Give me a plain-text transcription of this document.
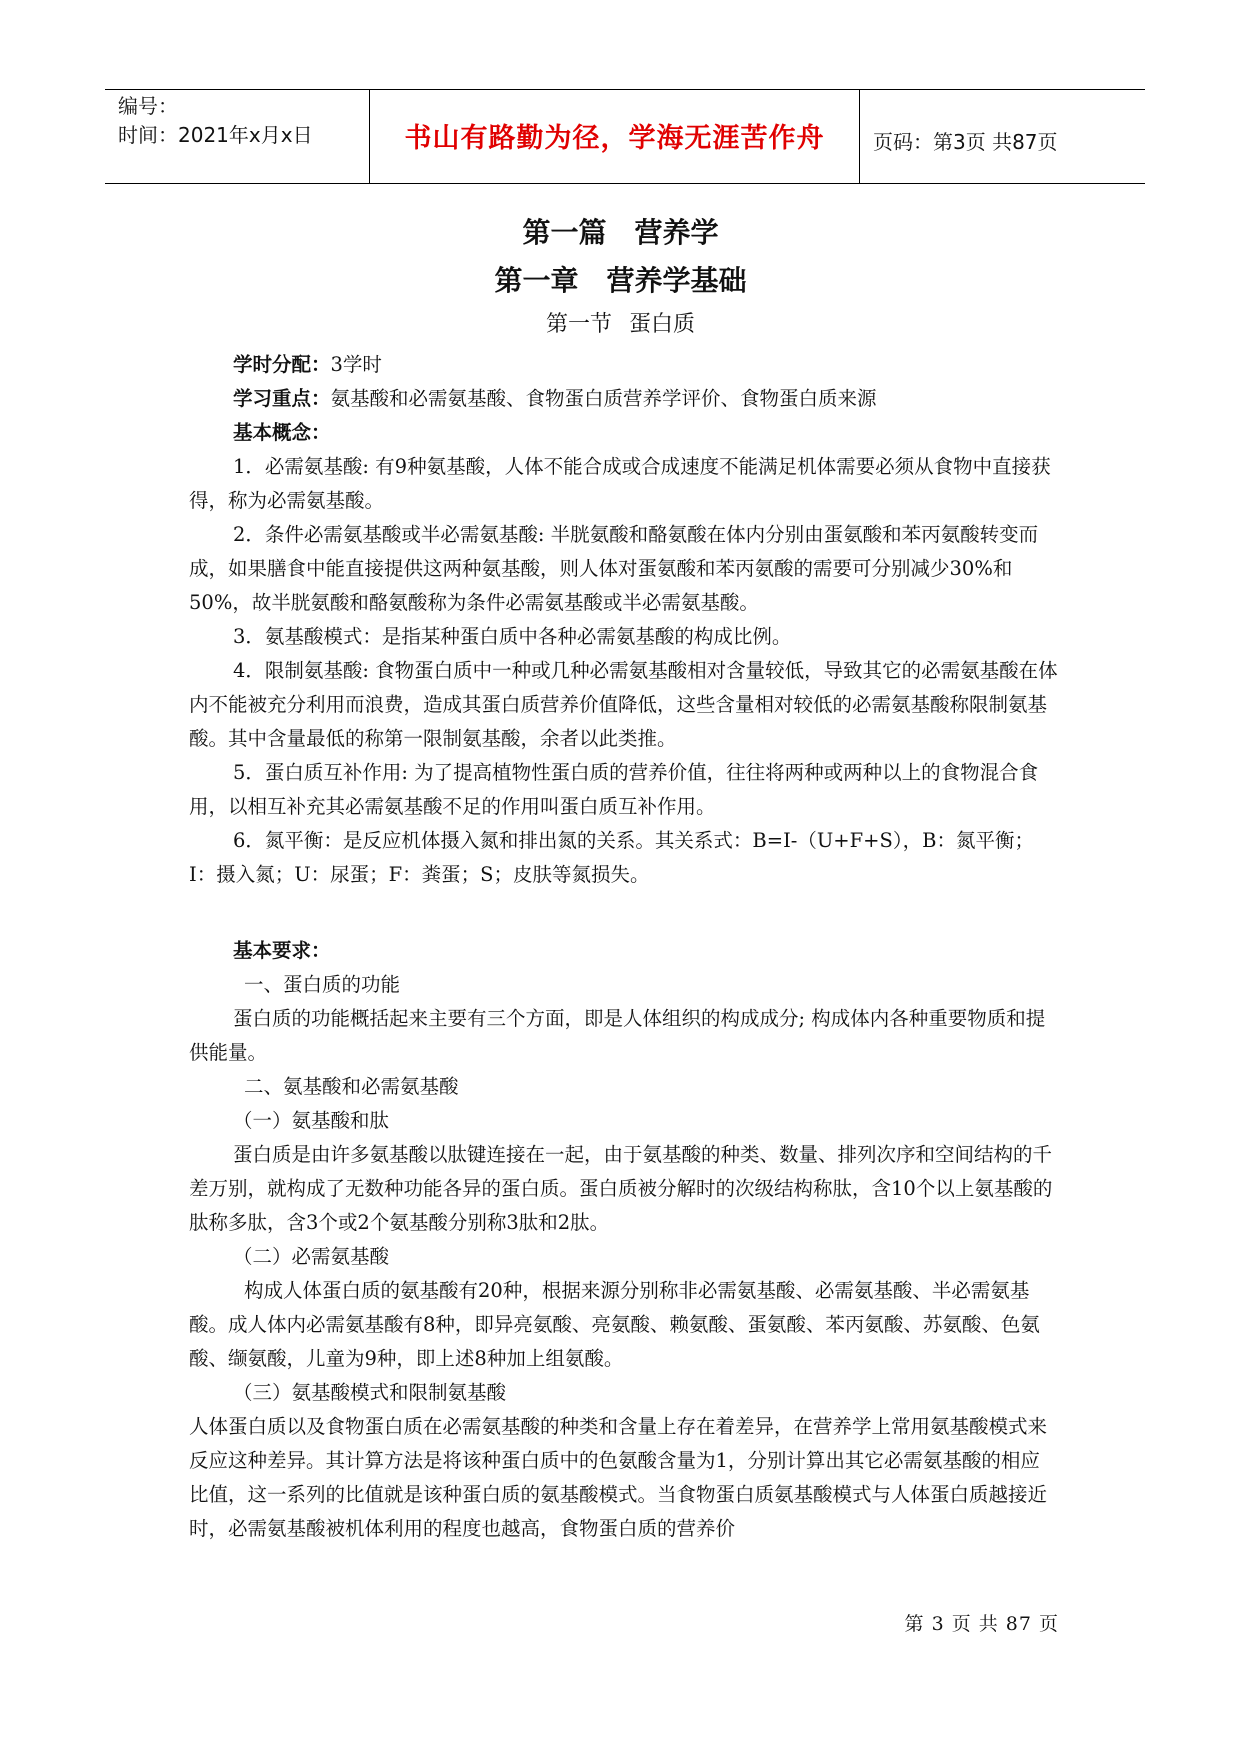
编号：
时间：2021年x月x日	书山有路勤为径，学海无涯苦作舟	页码：第3页 共87页
第一篇　营养学
第一章　营养学基础
第一节 蛋白质

学时分配：3学时

学习重点：氨基酸和必需氨基酸、食物蛋白质营养学评价、食物蛋白质来源

基本概念：

1．必需氨基酸: 有9种氨基酸，人体不能合成或合成速度不能满足机体需要必须从食物中直接获得，称为必需氨基酸。

2．条件必需氨基酸或半必需氨基酸: 半胱氨酸和酪氨酸在体内分别由蛋氨酸和苯丙氨酸转变而成，如果膳食中能直接提供这两种氨基酸，则人体对蛋氨酸和苯丙氨酸的需要可分别减少30%和50%，故半胱氨酸和酪氨酸称为条件必需氨基酸或半必需氨基酸。

3．氨基酸模式：是指某种蛋白质中各种必需氨基酸的构成比例。

4．限制氨基酸: 食物蛋白质中一种或几种必需氨基酸相对含量较低，导致其它的必需氨基酸在体内不能被充分利用而浪费，造成其蛋白质营养价值降低，这些含量相对较低的必需氨基酸称限制氨基酸。其中含量最低的称第一限制氨基酸，余者以此类推。

5．蛋白质互补作用: 为了提高植物性蛋白质的营养价值，往往将两种或两种以上的食物混合食用，以相互补充其必需氨基酸不足的作用叫蛋白质互补作用。

6．氮平衡：是反应机体摄入氮和排出氮的关系。其关系式：B=I-（U+F+S），B：氮平衡；I：摄入氮；U：尿蛋；F：粪蛋；S；皮肤等氮损失。

基本要求：

一、蛋白质的功能

蛋白质的功能概括起来主要有三个方面，即是人体组织的构成成分; 构成体内各种重要物质和提供能量。

二、氨基酸和必需氨基酸

（一）氨基酸和肽

蛋白质是由许多氨基酸以肽键连接在一起，由于氨基酸的种类、数量、排列次序和空间结构的千差万别，就构成了无数种功能各异的蛋白质。蛋白质被分解时的次级结构称肽，含10个以上氨基酸的肽称多肽，含3个或2个氨基酸分别称3肽和2肽。

（二）必需氨基酸

构成人体蛋白质的氨基酸有20种，根据来源分别称非必需氨基酸、必需氨基酸、半必需氨基酸。成人体内必需氨基酸有8种，即异亮氨酸、亮氨酸、赖氨酸、蛋氨酸、苯丙氨酸、苏氨酸、色氨酸、缬氨酸，儿童为9种，即上述8种加上组氨酸。

（三）氨基酸模式和限制氨基酸

人体蛋白质以及食物蛋白质在必需氨基酸的种类和含量上存在着差异，在营养学上常用氨基酸模式来反应这种差异。其计算方法是将该种蛋白质中的色氨酸含量为1，分别计算出其它必需氨基酸的相应比值，这一系列的比值就是该种蛋白质的氨基酸模式。当食物蛋白质氨基酸模式与人体蛋白质越接近时，必需氨基酸被机体利用的程度也越高，食物蛋白质的营养价

第 3 页 共 87 页
